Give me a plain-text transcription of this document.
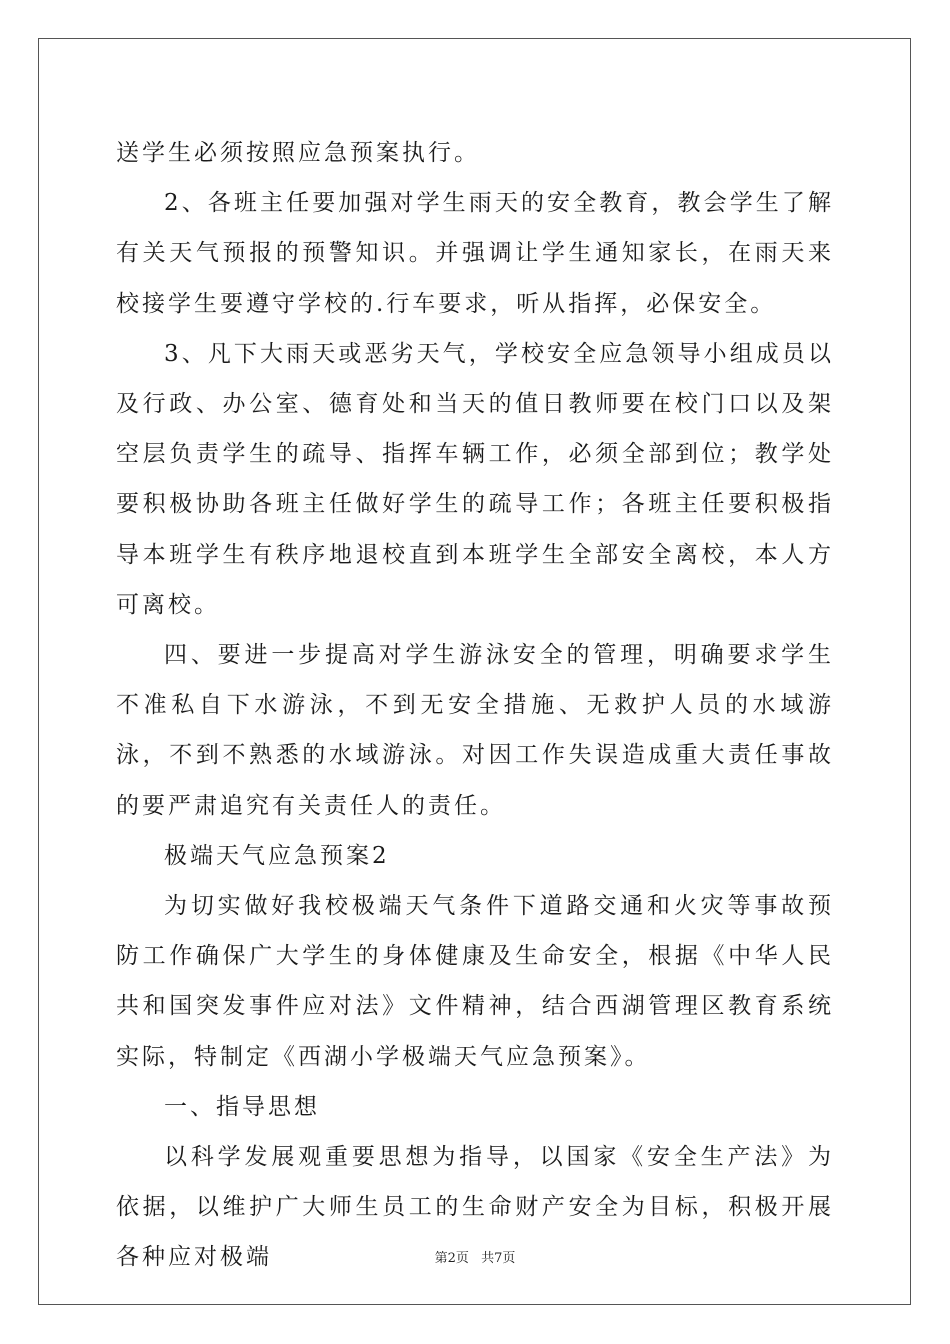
送学生必须按照应急预案执行。

2、各班主任要加强对学生雨天的安全教育，教会学生了解有关天气预报的预警知识。并强调让学生通知家长，在雨天来校接学生要遵守学校的.行车要求，听从指挥，必保安全。

3、凡下大雨天或恶劣天气，学校安全应急领导小组成员以及行政、办公室、德育处和当天的值日教师要在校门口以及架空层负责学生的疏导、指挥车辆工作，必须全部到位；教学处要积极协助各班主任做好学生的疏导工作；各班主任要积极指导本班学生有秩序地退校直到本班学生全部安全离校，本人方可离校。

四、要进一步提高对学生游泳安全的管理，明确要求学生不准私自下水游泳，不到无安全措施、无救护人员的水域游泳，不到不熟悉的水域游泳。对因工作失误造成重大责任事故的要严肃追究有关责任人的责任。

极端天气应急预案2

为切实做好我校极端天气条件下道路交通和火灾等事故预防工作确保广大学生的身体健康及生命安全，根据《中华人民共和国突发事件应对法》文件精神，结合西湖管理区教育系统实际，特制定《西湖小学极端天气应急预案》。

一、指导思想

以科学发展观重要思想为指导，以国家《安全生产法》为依据，以维护广大师生员工的生命财产安全为目标，积极开展各种应对极端	第2页 共7页
